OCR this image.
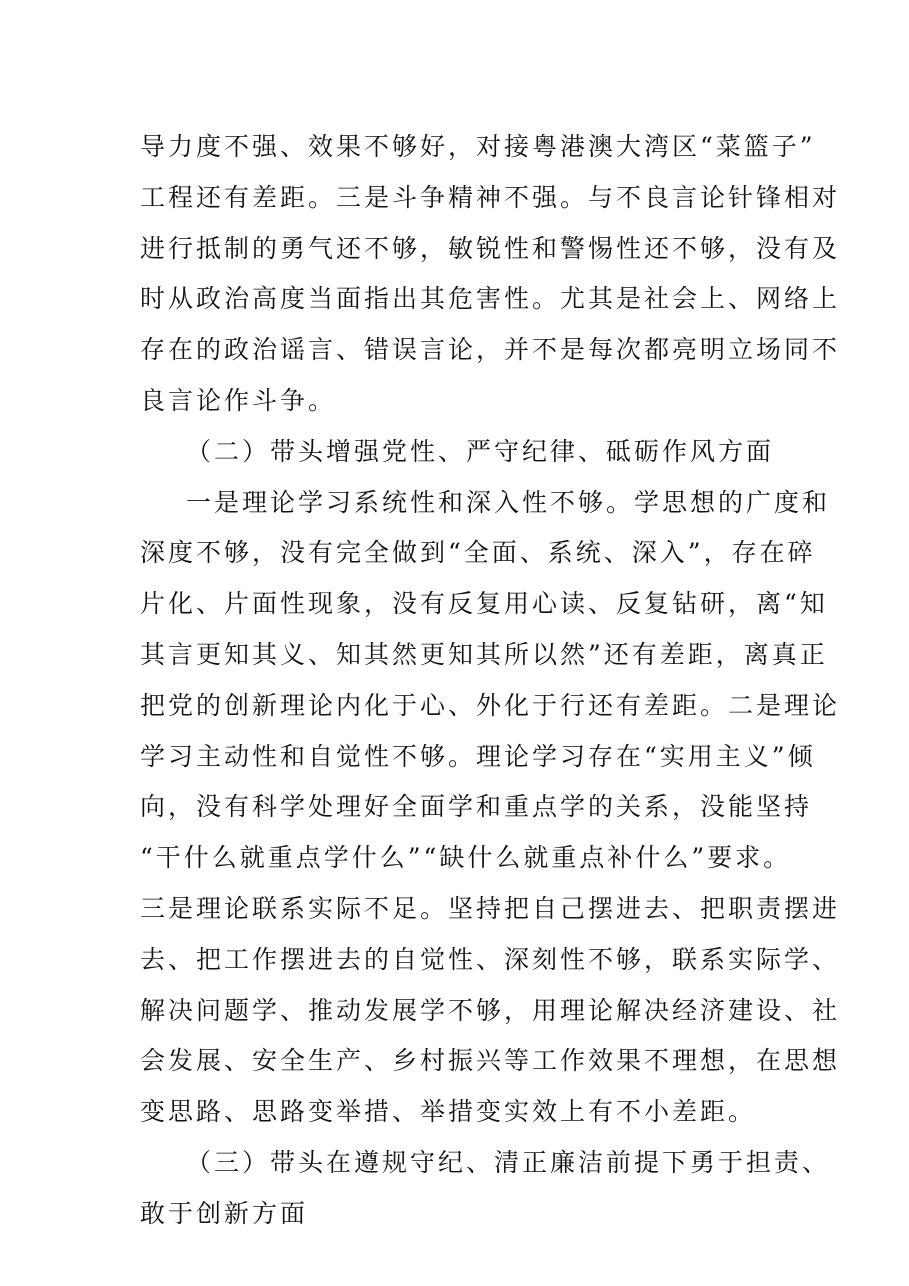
导力度不强、效果不够好，对接粤港澳大湾区“菜篮子”
工程还有差距。三是斗争精神不强。与不良言论针锋相对
进行抵制的勇气还不够，敏锐性和警惕性还不够，没有及
时从政治高度当面指出其危害性。尤其是社会上、网络上
存在的政治谣言、错误言论，并不是每次都亮明立场同不
良言论作斗争。
（二）带头增强党性、严守纪律、砥砺作风方面
一是理论学习系统性和深入性不够。学思想的广度和
深度不够，没有完全做到“全面、系统、深入”，存在碎
片化、片面性现象，没有反复用心读、反复钻研，离“知
其言更知其义、知其然更知其所以然”还有差距，离真正
把党的创新理论内化于心、外化于行还有差距。二是理论
学习主动性和自觉性不够。理论学习存在“实用主义”倾
向，没有科学处理好全面学和重点学的关系，没能坚持
“干什么就重点学什么”“缺什么就重点补什么”要求。
三是理论联系实际不足。坚持把自己摆进去、把职责摆进
去、把工作摆进去的自觉性、深刻性不够，联系实际学、
解决问题学、推动发展学不够，用理论解决经济建设、社
会发展、安全生产、乡村振兴等工作效果不理想，在思想
变思路、思路变举措、举措变实效上有不小差距。
（三）带头在遵规守纪、清正廉洁前提下勇于担责、
敢于创新方面
